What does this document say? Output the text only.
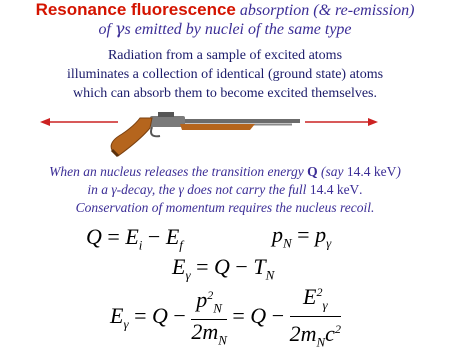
Resonance fluorescence absorption (& re-emission)
of γs emitted by nuclei of the same type
Radiation from a sample of excited atoms
illuminates a collection of identical (ground state) atoms
which can absorb them to become excited themselves.
When an nucleus releases the transition energy Q (say 14.4 keV)
in a γ-decay, the γ does not carry the full 14.4 keV.
Conservation of momentum requires the nucleus recoil.
$Q = E_i - E_f$	$p_N = p_\gamma$
$E_\gamma = Q - T_N$
$E_\gamma = Q - \frac{p^2_N}{2m_N} = Q - \frac{E^2_\gamma}{2m_Nc^2}$
